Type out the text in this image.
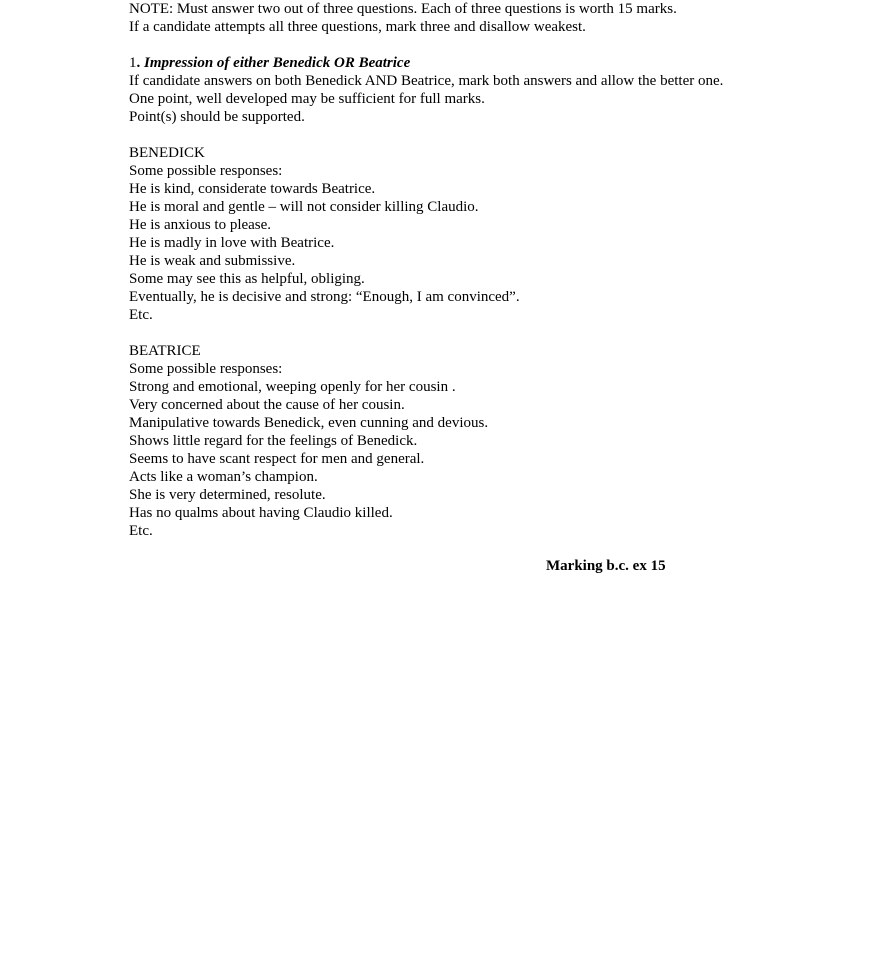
NOTE: Must answer two out of three questions. Each of three questions is worth 15 marks.
If a candidate attempts all three questions, mark three and disallow weakest.
1. Impression of either Benedick OR Beatrice
If candidate answers on both Benedick AND Beatrice, mark both answers and allow the better one.
One point, well developed may be sufficient for full marks.
Point(s) should be supported.
BENEDICK
Some possible responses:
He is kind, considerate towards Beatrice.
He is moral and gentle – will not consider killing Claudio.
He is anxious to please.
He is madly in love with Beatrice.
He is weak and submissive.
Some may see this as helpful, obliging.
Eventually, he is decisive and strong: “Enough, I am convinced”.
Etc.
BEATRICE
Some possible responses:
Strong and emotional, weeping openly for her cousin .
Very concerned about the cause of her cousin.
Manipulative towards Benedick, even cunning and devious.
Shows little regard for the feelings of Benedick.
Seems to have scant respect for men and general.
Acts like a woman’s champion.
She is very determined, resolute.
Has no qualms about having Claudio killed.
Etc.
Marking b.c. ex 15
